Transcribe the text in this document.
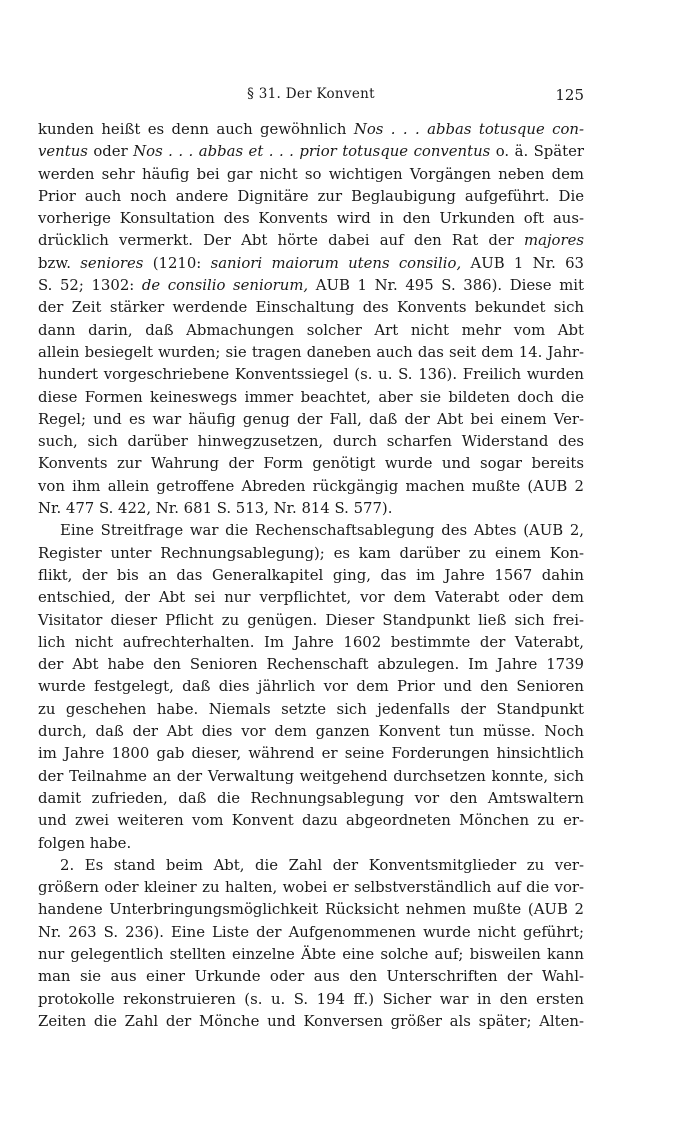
§ 31. Der Konvent	125

kunden heißt es denn auch gewöhnlich Nos . . . abbas totusque con-
ventus oder Nos . . . abbas et . . . prior totusque conventus o. ä. Später
werden sehr häufig bei gar nicht so wichtigen Vorgängen neben dem
Prior auch noch andere Dignitäre zur Beglaubigung aufgeführt. Die
vorherige Konsultation des Konvents wird in den Urkunden oft aus-
drücklich vermerkt. Der Abt hörte dabei auf den Rat der majores
bzw. seniores (1210: saniori maiorum utens consilio, AUB 1 Nr. 63
S. 52; 1302: de consilio seniorum, AUB 1 Nr. 495 S. 386). Diese mit
der Zeit stärker werdende Einschaltung des Konvents bekundet sich
dann darin, daß Abmachungen solcher Art nicht mehr vom Abt
allein besiegelt wurden; sie tragen daneben auch das seit dem 14. Jahr-
hundert vorgeschriebene Konventssiegel (s. u. S. 136). Freilich wurden
diese Formen keineswegs immer beachtet, aber sie bildeten doch die
Regel; und es war häufig genug der Fall, daß der Abt bei einem Ver-
such, sich darüber hinwegzusetzen, durch scharfen Widerstand des
Konvents zur Wahrung der Form genötigt wurde und sogar bereits
von ihm allein getroffene Abreden rückgängig machen mußte (AUB 2
Nr. 477 S. 422, Nr. 681 S. 513, Nr. 814 S. 577).

Eine Streitfrage war die Rechenschaftsablegung des Abtes (AUB 2,
Register unter Rechnungsablegung); es kam darüber zu einem Kon-
flikt, der bis an das Generalkapitel ging, das im Jahre 1567 dahin
entschied, der Abt sei nur verpflichtet, vor dem Vaterabt oder dem
Visitator dieser Pflicht zu genügen. Dieser Standpunkt ließ sich frei-
lich nicht aufrechterhalten. Im Jahre 1602 bestimmte der Vaterabt,
der Abt habe den Senioren Rechenschaft abzulegen. Im Jahre 1739
wurde festgelegt, daß dies jährlich vor dem Prior und den Senioren
zu geschehen habe. Niemals setzte sich jedenfalls der Standpunkt
durch, daß der Abt dies vor dem ganzen Konvent tun müsse. Noch
im Jahre 1800 gab dieser, während er seine Forderungen hinsichtlich
der Teilnahme an der Verwaltung weitgehend durchsetzen konnte, sich
damit zufrieden, daß die Rechnungsablegung vor den Amtswaltern
und zwei weiteren vom Konvent dazu abgeordneten Mönchen zu er-
folgen habe.

2. Es stand beim Abt, die Zahl der Konventsmitglieder zu ver-
größern oder kleiner zu halten, wobei er selbstverständlich auf die vor-
handene Unterbringungsmöglichkeit Rücksicht nehmen mußte (AUB 2
Nr. 263 S. 236). Eine Liste der Aufgenommenen wurde nicht geführt;
nur gelegentlich stellten einzelne Äbte eine solche auf; bisweilen kann
man sie aus einer Urkunde oder aus den Unterschriften der Wahl-
protokolle rekonstruieren (s. u. S. 194 ff.) Sicher war in den ersten
Zeiten die Zahl der Mönche und Konversen größer als später; Alten-
